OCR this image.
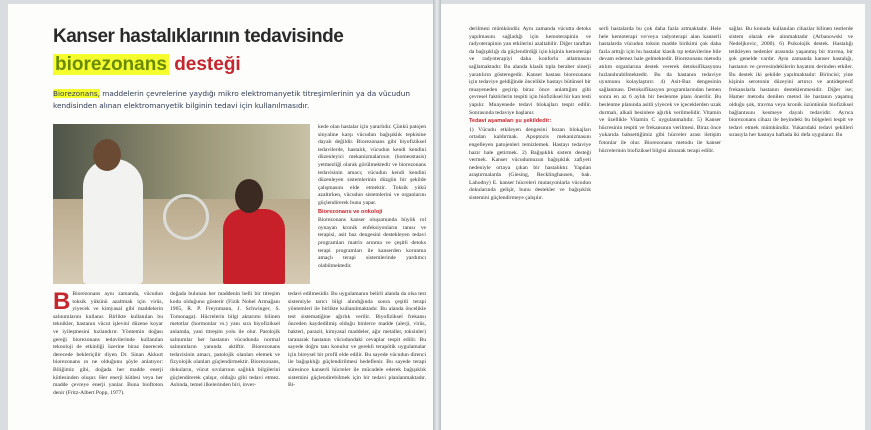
Kanser hastalıklarının tedavisinde
biorezonans desteği
Biorezonans, maddelerin çevrelerine yaydığı mikro elektromanyetik titreşimlerinin ya da vücudun kendisinden alınan elektromanyetik bilginin tedavi için kullanılmasıdır.

kede olan hastalar için yararlıdır. Çünkü patojen sinyaline karşı vücudun bağışıklık tepkisine dayalı değildir. Biorezonans gibi biyofiziksel tedavilerde, hastalık, vücudun kendi kendini düzenleyici mekanizmalarının (homeostasis) yetmezliği olarak görülmektedir ve biorezonans tedavisinin amacı; vücudun kendi kendini düzenleyen sistemlerinin düzgün bir şekilde çalışmasını elde etmektir. Toksik yükü azaltırken, vücudun sistemlerini ve organlarını güçlendirerek bunu yapar.

Biorezonans ve onkoloji

Biorezonans kanser oluşumunda büyük rol oynayan kronik enfeksiyonların tanısı ve terapisi, asit baz dengesini destekleyen tedavi programları matrix arınma ve çeşitli detoks terapi programları ile kanserden korunma amaçlı terapi sistemlerinde yardımcı olabilmektedir.

B Biorezonans aynı zamanda, vücudun toksik yükünü azaltmak için virüs, yiyecek ve kimyasal gibi maddelerin salınımlarını kullanır. Birlikte kullanılan bu teknikler, hastanın vücut işlevini düzene koyar ve iyileşmesini hızlandırır. Yöntemin doğası gereği biorezonans tedavilerinde kullanılan teknoloji de etkinliği üzerine biraz önerecek derecede bekleriçilir diyen Dr. Sinan Akkurt biorezonans ın ne olduğunu şöyle anlatıyor: Biliğimiz gibi, doğada her madde enerji kütlesinden oluşur. Her enerji kütlesi veya her madde çevreye enerji yanlar. Buna bioftoton denir (Fritz-Albert Popp, 1977).
doğada bulunan her maddenin belli bir titreşim kodu olduğunu gösterir (Fizik Nobel Armağanı 1965, R. P. Freynmann, J. Schwinger, S. Tomonaga). Hücrelerin bilgi aktarımı bilinen metotlar (hormonlar vs.) yanı sıra biyofiziksel anlamda, yani titreşim yolu ile olur. Patolojik salınımlar her hastanın vücudunda normal salınımların yanında aktiftir. Biorezonans tedavisinin amacı, patolojik olanları elemek ve fizyolojik olanları güçlendirmektir. Biorezonans, dokuların, vücut sıvılarının sağlıklı bilgilerini güçlendirerek çalışır, olduğu gibi tedavi etmez. Aslında, temel ilkelerinden biri, inver-
tedavi edilmesidir. Bu uygulamanın belirli alanda da olsa test sistemiyle tarıcı bilgi alındığında sonra çeşitli terapi yöntemleri ile birlikte kullanılmaktadır. Bu alanda öncelikle test sistematiğine ağırlık verilir. Biyofiziksel frekansı önceden kaydedilmiş olduğu binlerce madde (alerji, virüs, bakteri, parazit, kimyasal maddeler, ağır metaller, toksinler) taranarak hastanın vücudundaki cevaplar tespit edilir. Bu sayede doğru tanı konulur ve gerekli terapötik uygulamalar için bireysel bir profil elde edilir. Bu sayede vücudun direnci ile bağışıklığı güçlendirilmesi hedeflenir. Bu sayede terapi süresince kanserli hücreler ile mücadele ederek bağışıklık sistemini güçlendirebilmek için bir tedavi planlanmaktadır. Bi-

derilmesi mümkündür. Aynı zamanda vücutta detoks yapılmasını sağladığı için kemoterapinin ve radyoterapinin yan etkilerini azaltabilir. Diğer taraftan da bağışıklığı da güçlendirdiği için kişinin kemoterapi ve radyoterapiyi daha konforlu atlatmasını sağlamaktadır. Bu alanda klasik tıpla beraber sinerji yaratılırın gösteregedir. Kanser hastası biorezonans için tedaviye geldiğinde öncelikle hastayı bütünsel bir muayeneden geçirip biraz önce anlattığım gibi çevresel faktörlerin tespiti için biofiziksel bir kan testi yapılır. Muayenede tedavi blokajları tespit edilir. Sonrasında tedaviye başlanır.

Tedavi aşamaları şu şekildedir:

1) Vücudu etkileyen dengesini bozan blokajları ortadan kaldırmak. Apoptozis mekanizmasını engelleyen patojenleri temizlemek. Hastayı tedaviye hazır hale getirmek. 2) Bağışıklık sistem desteği vermek. Kanser vücudumuzun bağışıklık zafiyeti nedeniyle ortaya çıkan bir hastalıktır. Yapılan araştırmalarda (Giesing, Recklinghausen, bak. Lahodny) E. kanser hücreleri mutasyonlarla vücudun dokularında gelişir, bunu destekler ve bağışıklık sistemini güçlendirmeye çalışılır.

serli hastalarda bu çok daha fazla artmaktadır. Hele hele kemoterapi ve/veya radyoterapi alan kanserli hastalarda vücudun toksin madde birikimi çok daha fazla arttığı için bu hastalar klasik tıp tedavilerine bile devam edemez hale gelmektedir. Biorezonans metodu atılım organlarına destek vererek detoksifikasyonu hızlandırabilmektedir. Bu da hastanın tedaviye uyumunu kolaylaştırır. 4) Asit-Baz dengesinin sağlanması. Detoksifikasyon programlarından hemen sonra en az 6 aylık bir beslenme planı önerilir. Bu beslenme planında asitli yiyecek ve içeceklerden uzak durmalı, alkali besinlere ağırlık verilmelidir. Vitamin ve özellikle Vitamin C uygulanmalıdır. 5) Kanser hücresinin tespiti ve frekansının verilmesi. Biraz önce yukarıda bahsettiğimiz gibi hücreler arası iletişim fotonlar ile olur. Biorezonans metodu ile kanser hücrelerinin biofiziksel bilgisi alınarak terapi edilir.

sağlar. Bu konuda kullanılan cihazlar bilinen testlerde sistem olarak ele alınmaktadır (Arbanowski ve Nedeljkovic, 2000). 6) Psikolojik destek. Hastalığı tetikleyen nedenler arasında yaşanmış bir travma, bir şok genelde vardır. Aynı zamanda kanser hastalığı, hastanın ve çevresindekilerin hayatını derinden etkiler. Bu destek iki şekilde yapılmaktadır: Birincisi; yine kişinin serotonin düzeyini artırıcı ve antidepresif frekanslarla hastanın desteklenmesidir. Diğer ise; Hamer metodu denilen metod ile hastanın yaşamış olduğu şok, travma veya kronik üzüntünün biofiziksel bağlantısını kesmeye dayalı tedavidir. Ayrıca biorezonans cihazı ile beyindeki bu bölgeleri tespit ve tedavi etmek mümkündür. Yukarıdaki tedavi şekilleri sırasıyla her hastaya haftada iki defa uygulanır. Bu
